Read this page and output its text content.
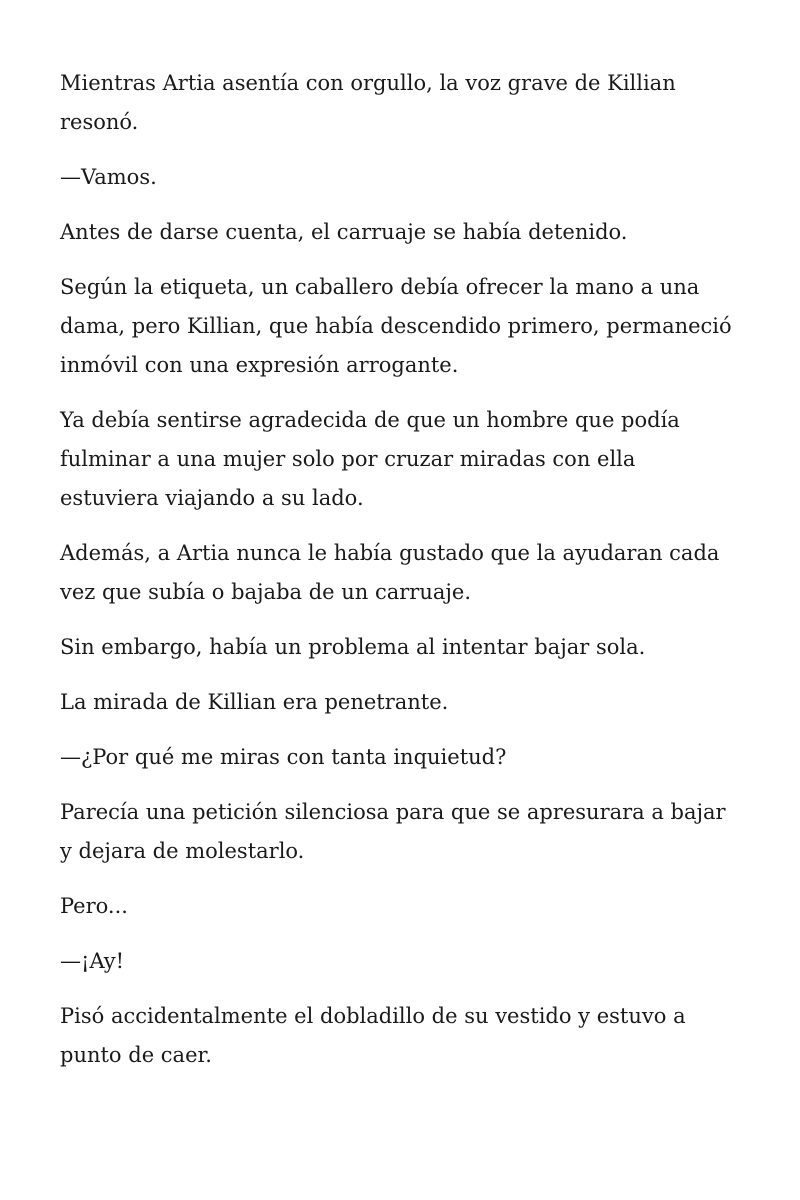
Mientras Artia asentía con orgullo, la voz grave de Killian resonó.

—Vamos.

Antes de darse cuenta, el carruaje se había detenido.

Según la etiqueta, un caballero debía ofrecer la mano a una dama, pero Killian, que había descendido primero, permaneció inmóvil con una expresión arrogante.

Ya debía sentirse agradecida de que un hombre que podía fulminar a una mujer solo por cruzar miradas con ella estuviera viajando a su lado.

Además, a Artia nunca le había gustado que la ayudaran cada vez que subía o bajaba de un carruaje.

Sin embargo, había un problema al intentar bajar sola.

La mirada de Killian era penetrante.

—¿Por qué me miras con tanta inquietud?

Parecía una petición silenciosa para que se apresurara a bajar y dejara de molestarlo.

Pero...

—¡Ay!

Pisó accidentalmente el dobladillo de su vestido y estuvo a punto de caer.
